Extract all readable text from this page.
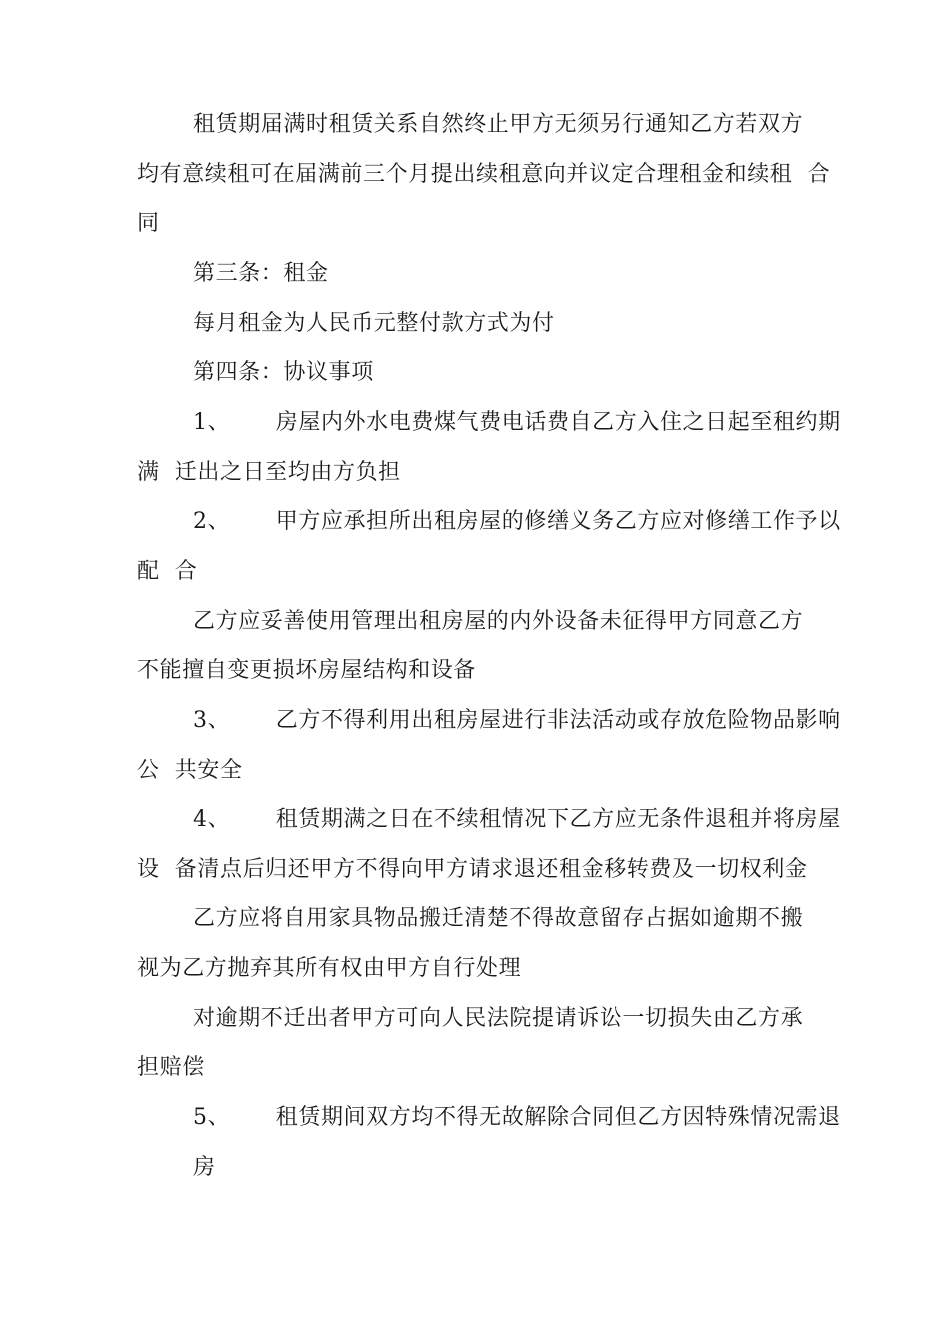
租赁期届满时租赁关系自然终止甲方无须另行通知乙方若双方
均有意续租可在届满前三个月提出续租意向并议定合理租金和续租  合
同
第三条：租金
每月租金为人民币元整付款方式为付
第四条：协议事项
1、      房屋内外水电费煤气费电话费自乙方入住之日起至租约期
满  迁出之日至均由方负担
2、      甲方应承担所出租房屋的修缮义务乙方应对修缮工作予以
配  合
乙方应妥善使用管理出租房屋的内外设备未征得甲方同意乙方
不能擅自变更损坏房屋结构和设备
3、      乙方不得利用出租房屋进行非法活动或存放危险物品影响
公  共安全
4、      租赁期满之日在不续租情况下乙方应无条件退租并将房屋
设  备清点后归还甲方不得向甲方请求退还租金移转费及一切权利金
乙方应将自用家具物品搬迁清楚不得故意留存占据如逾期不搬
视为乙方抛弃其所有权由甲方自行处理
对逾期不迁出者甲方可向人民法院提请诉讼一切损失由乙方承
担赔偿
5、      租赁期间双方均不得无故解除合同但乙方因特殊情况需退
房
